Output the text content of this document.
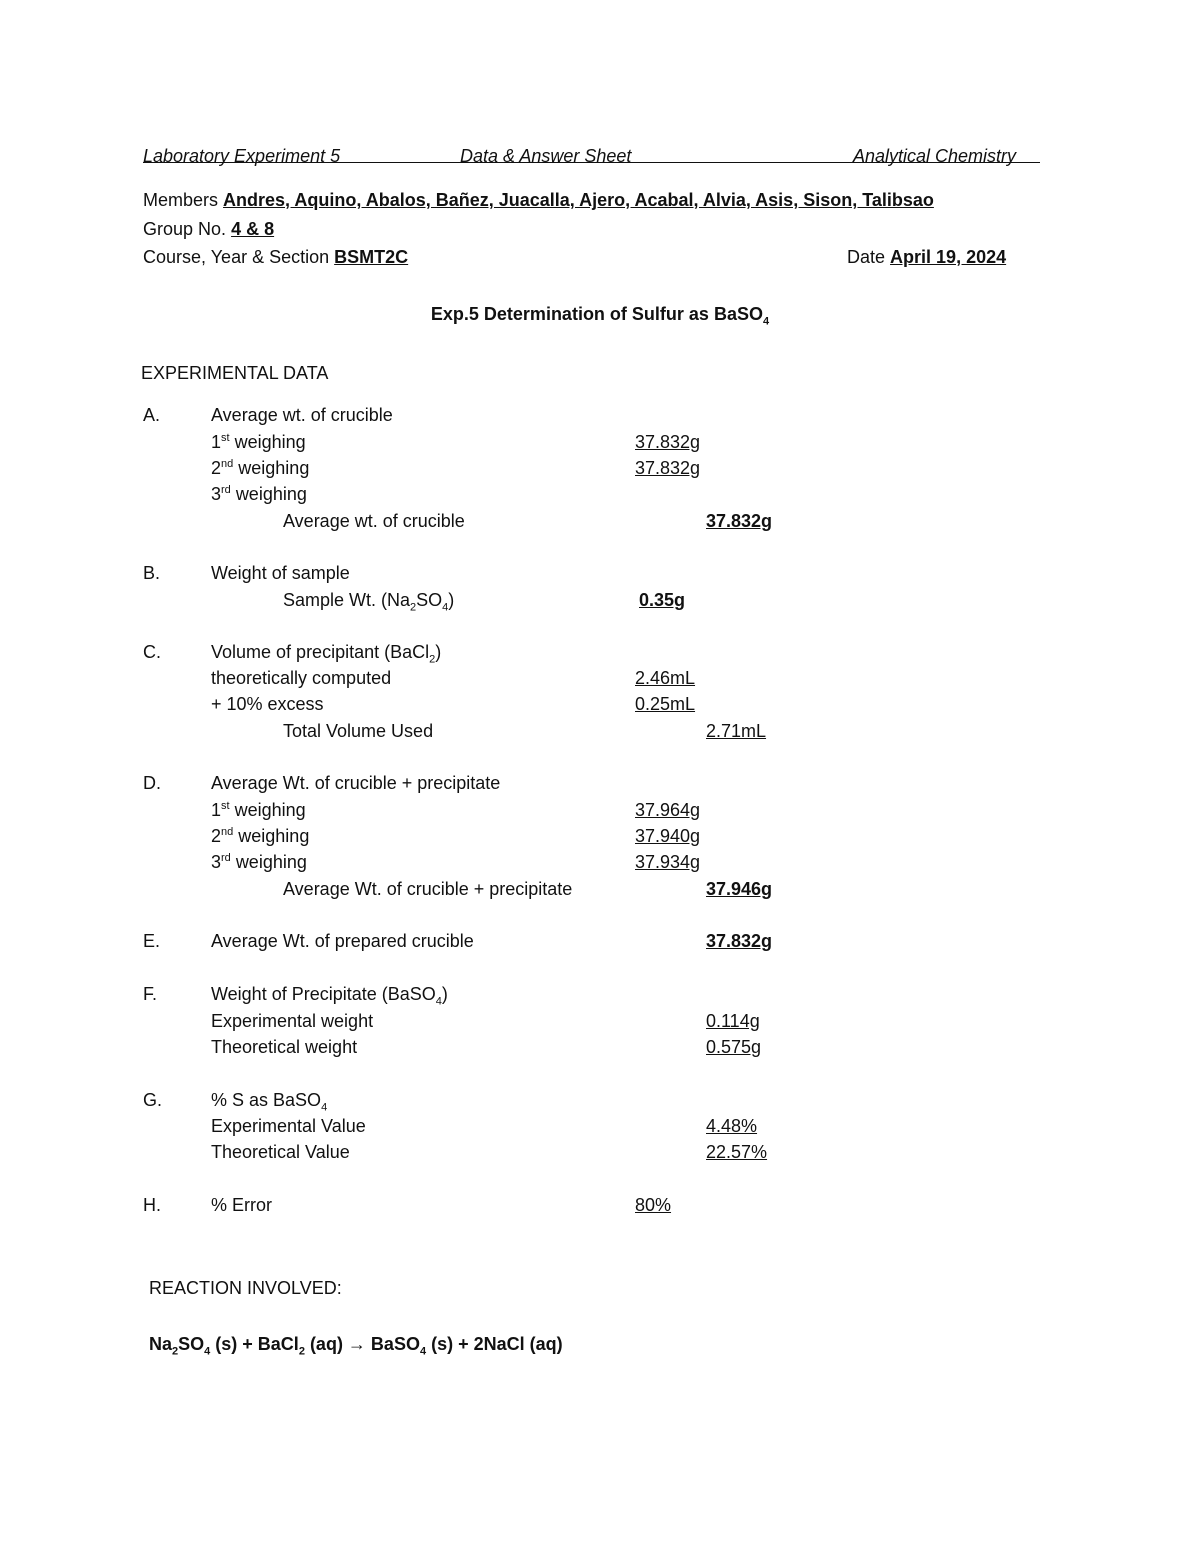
Laboratory Experiment 5	Data & Answer Sheet	Analytical Chemistry
Members Andres, Aquino, Abalos, Bañez, Juacalla, Ajero, Acabal, Alvia, Asis, Sison, Talibsao
Group No. 4 & 8
Course, Year & Section BSMT2C	Date April 19, 2024
Exp.5 Determination of Sulfur as BaSO$_4$
EXPERIMENTAL DATA
A.	Average wt. of crucible
1st weighing	37.832g
2nd weighing	37.832g
3rd weighing
Average wt. of crucible	37.832g
B.	Weight of sample
Sample Wt. $(Na_2SO_4)$	0.35g
C.	Volume of precipitant (BaCl$_2$)
theoretically computed	2.46mL
+ 10% excess	0.25mL
Total Volume Used	2.71mL
D.	Average Wt. of crucible + precipitate
1st weighing	37.964g
2nd weighing	37.940g
3rd weighing	37.934g
Average Wt. of crucible + precipitate	37.946g
E.	Average Wt. of prepared crucible	37.832g
F.	Weight of Precipitate (BaSO$_4$)
Experimental weight	0.114g
Theoretical weight	0.575g
G.	% S as BaSO$_4$
Experimental Value	4.48%
Theoretical Value	22.57%
H.	% Error	80%
REACTION INVOLVED:
$Na_2SO_4$ (s) + BaCl$_2$ (aq) → BaSO$_4$ (s) + 2NaCl (aq)
